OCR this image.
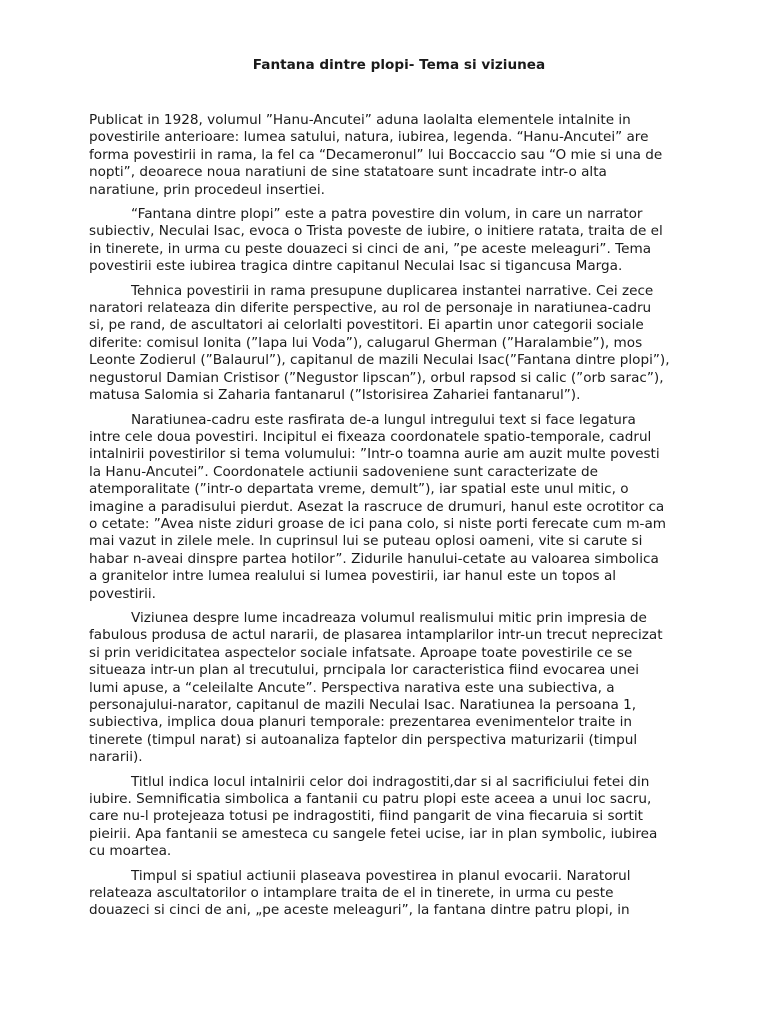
Fantana dintre plopi- Tema si viziunea

Publicat in 1928, volumul ”Hanu-Ancutei” aduna laolalta elementele intalnite in
povestirile anterioare: lumea satului, natura, iubirea, legenda. “Hanu-Ancutei” are
forma povestirii in rama, la fel ca “Decameronul” lui Boccaccio sau “O mie si una de
nopti”, deoarece noua naratiuni de sine statatoare sunt incadrate intr-o alta
naratiune, prin procedeul insertiei.

“Fantana dintre plopi” este a patra povestire din volum, in care un narrator
subiectiv, Neculai Isac, evoca o Trista poveste de iubire, o initiere ratata, traita de el
in tinerete, in urma cu peste douazeci si cinci de ani, ”pe aceste meleaguri”. Tema
povestirii este iubirea tragica dintre capitanul Neculai Isac si tigancusa Marga.

Tehnica povestirii in rama presupune duplicarea instantei narrative. Cei zece
naratori relateaza din diferite perspective, au rol de personaje in naratiunea-cadru
si, pe rand, de ascultatori ai celorlalti povestitori. Ei apartin unor categorii sociale
diferite: comisul Ionita (”Iapa lui Voda”), calugarul Gherman (”Haralambie”), mos
Leonte Zodierul (”Balaurul”), capitanul de mazili Neculai Isac(”Fantana dintre plopi”),
negustorul Damian Cristisor (”Negustor lipscan”), orbul rapsod si calic (”orb sarac”),
matusa Salomia si Zaharia fantanarul (”Istorisirea Zahariei fantanarul”).

Naratiunea-cadru este rasfirata de-a lungul intregului text si face legatura
intre cele doua povestiri. Incipitul ei fixeaza coordonatele spatio-temporale, cadrul
intalnirii povestirilor si tema volumului: ”Intr-o toamna aurie am auzit multe povesti
la Hanu-Ancutei”. Coordonatele actiunii sadoveniene sunt caracterizate de
atemporalitate (”intr-o departata vreme, demult”), iar spatial este unul mitic, o
imagine a paradisului pierdut. Asezat la rascruce de drumuri, hanul este ocrotitor ca
o cetate: ”Avea niste ziduri groase de ici pana colo, si niste porti ferecate cum m-am
mai vazut in zilele mele. In cuprinsul lui se puteau oplosi oameni, vite si carute si
habar n-aveai dinspre partea hotilor”. Zidurile hanului-cetate au valoarea simbolica
a granitelor intre lumea realului si lumea povestirii, iar hanul este un topos al
povestirii.

Viziunea despre lume incadreaza volumul realismului mitic prin impresia de
fabulous produsa de actul nararii, de plasarea intamplarilor intr-un trecut neprecizat
si prin veridicitatea aspectelor sociale infatsate. Aproape toate povestirile ce se
situeaza intr-un plan al trecutului, prncipala lor caracteristica fiind evocarea unei
lumi apuse, a “celeilalte Ancute”. Perspectiva narativa este una subiectiva, a
personajului-narator, capitanul de mazili Neculai Isac. Naratiunea la persoana 1,
subiectiva, implica doua planuri temporale: prezentarea evenimentelor traite in
tinerete (timpul narat) si autoanaliza faptelor din perspectiva maturizarii (timpul
nararii).

Titlul indica locul intalnirii celor doi indragostiti,dar si al sacrificiului fetei din
iubire. Semnificatia simbolica a fantanii cu patru plopi este aceea a unui loc sacru,
care nu-l protejeaza totusi pe indragostiti, fiind pangarit de vina fiecaruia si sortit
pieirii. Apa fantanii se amesteca cu sangele fetei ucise, iar in plan symbolic, iubirea
cu moartea.

Timpul si spatiul actiunii plaseava povestirea in planul evocarii. Naratorul
relateaza ascultatorilor o intamplare traita de el in tinerete, in urma cu peste
douazeci si cinci de ani, „pe aceste meleaguri”, la fantana dintre patru plopi, in
